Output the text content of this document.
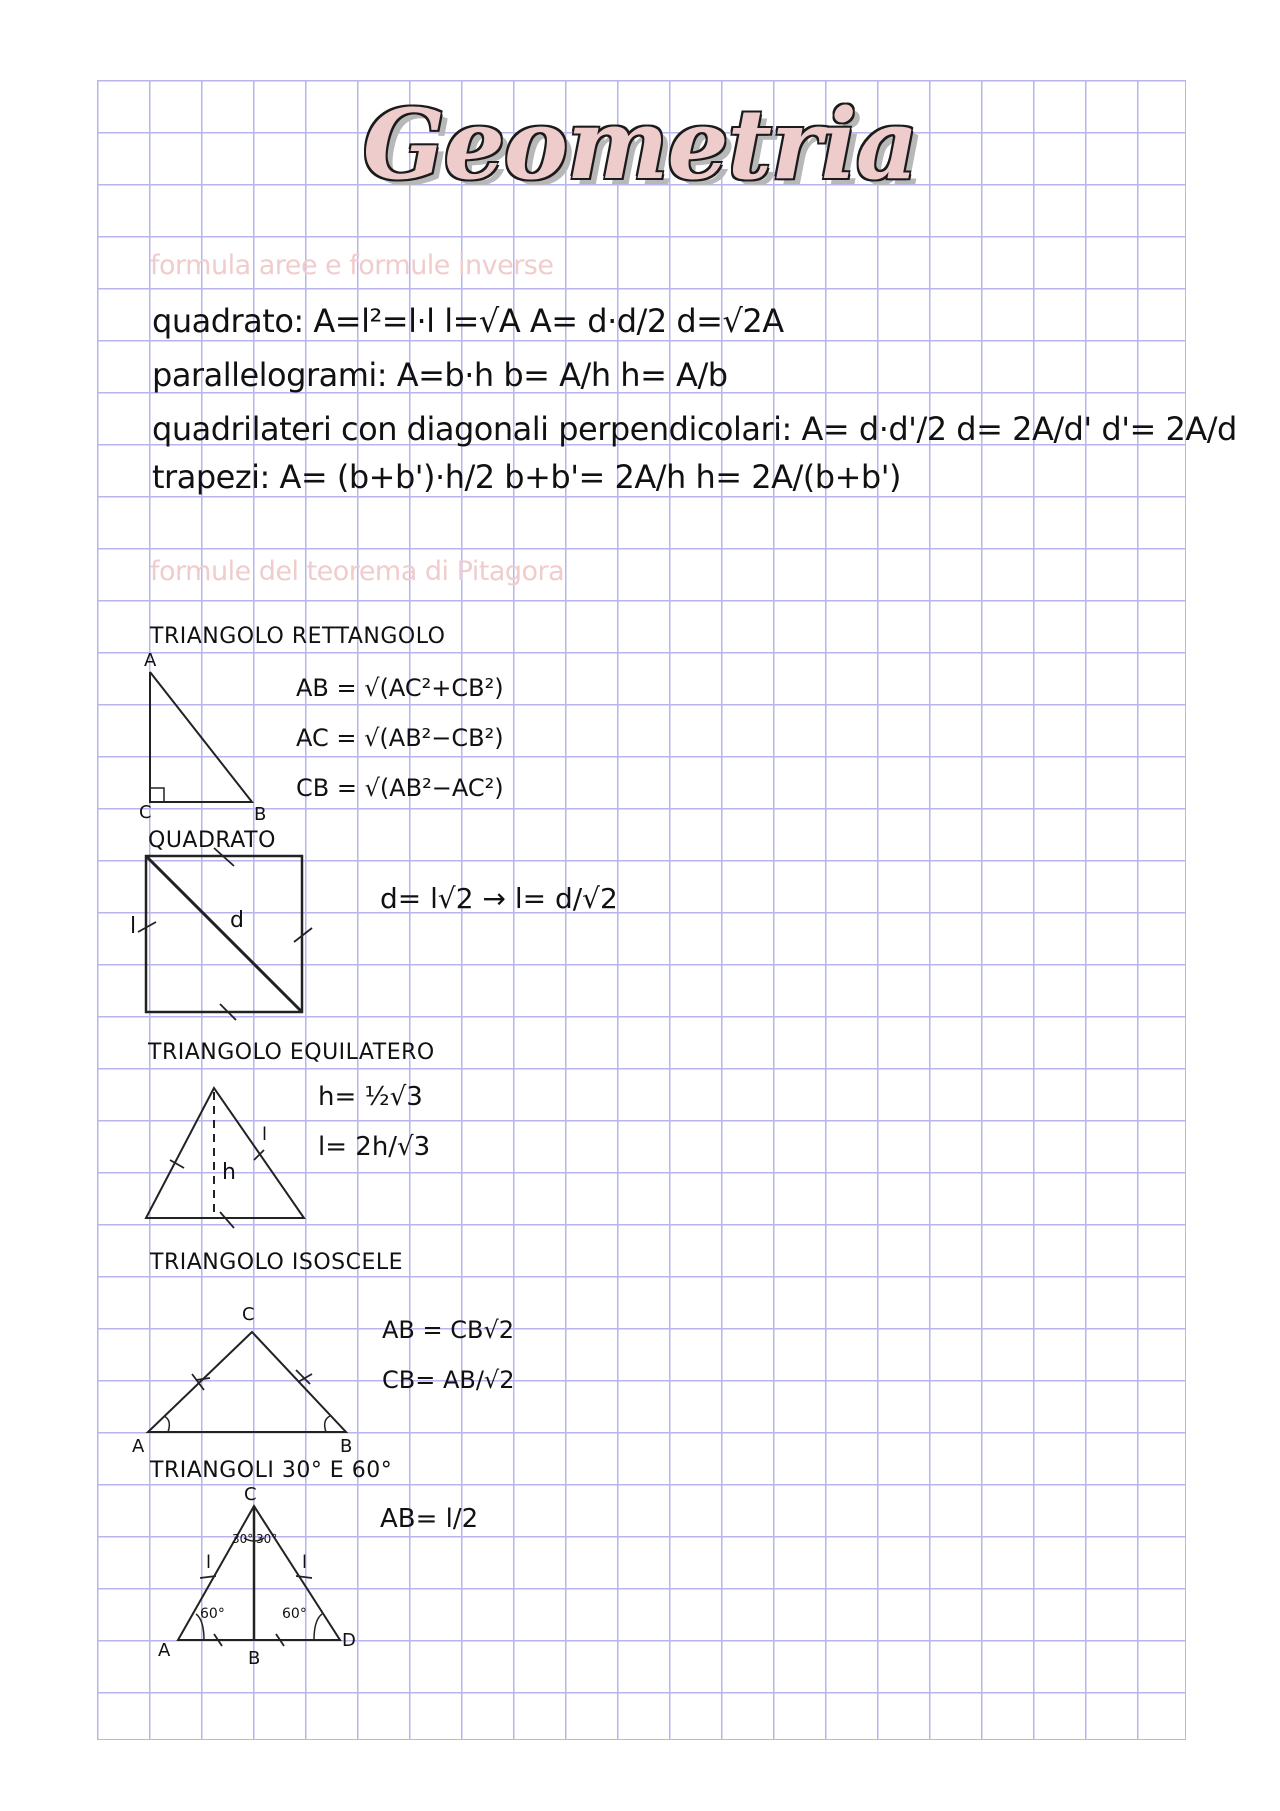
Geometria
formula aree e formule inverse
quadrato: A=l²=l·l l=√A A= d·d/2 d=√2A
parallelogrami: A=b·h b= A/h h= A/b
quadrilateri con diagonali perpendicolari: A= d·d'/2 d= 2A/d' d'= 2A/d
trapezi: A= (b+b')·h/2 b+b'= 2A/h h= 2A/(b+b')
formule del teorema di Pitagora
TRIANGOLO RETTANGOLO
A
C	B
AB = √(AC²+CB²)
AC = √(AB²−CB²)
CB = √(AB²−AC²)
QUADRATO
l	d
d= l√2 → l= d/√2
TRIANGOLO EQUILATERO
h
l
h= ½√3
l= 2h/√3
TRIANGOLO ISOSCELE
C
A	B
AB = CB√2
CB= AB/√2
TRIANGOLI 30° E 60°
C
A	B
D
30° 30°
60°	60°
l	l
AB= l/2
